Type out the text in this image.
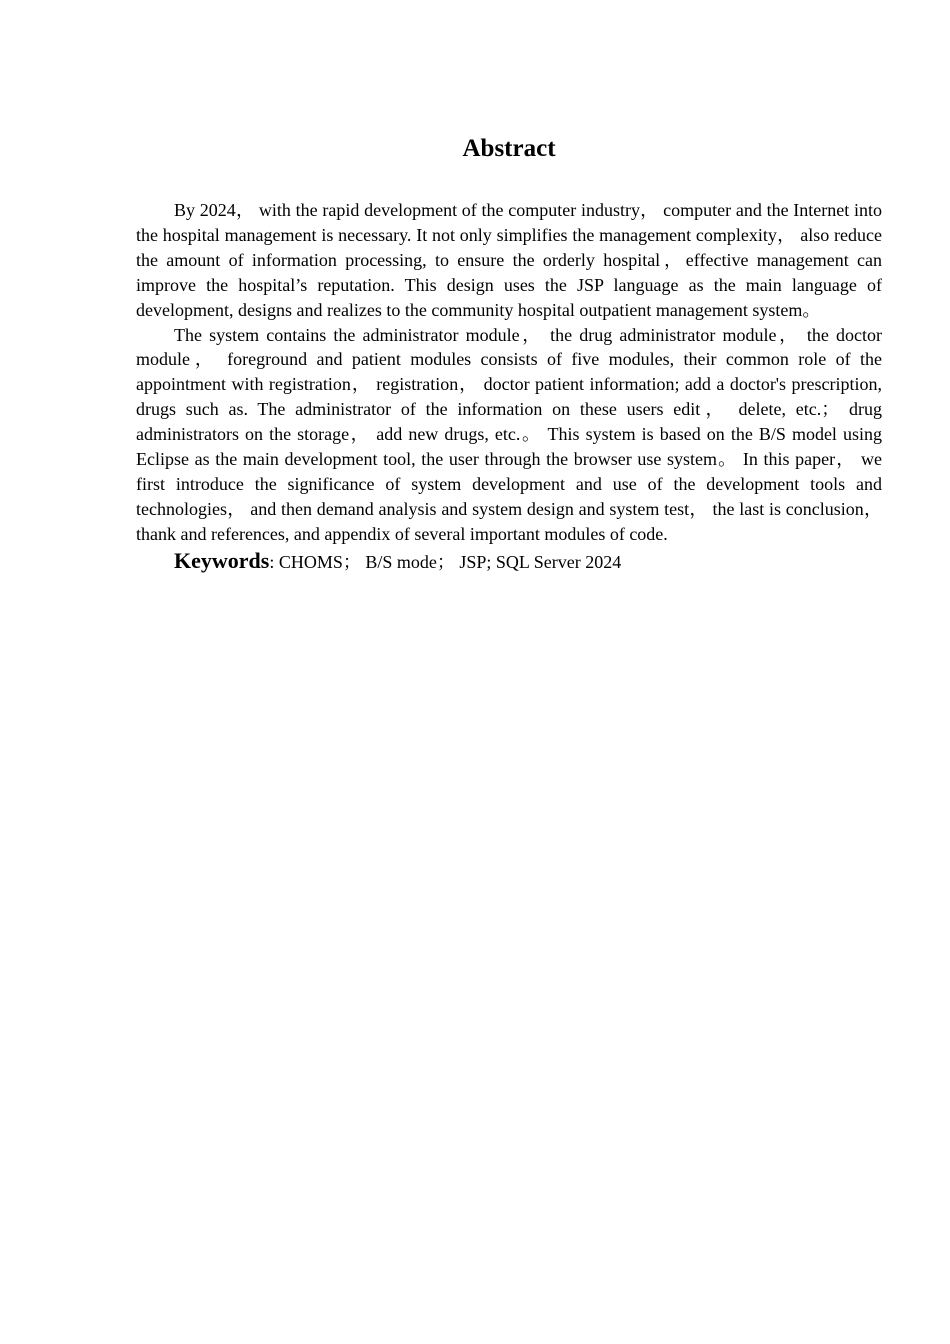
Abstract

By 2024， with the rapid development of the computer industry， computer and the Internet into the hospital management is necessary. It not only simplifies the management complexity， also reduce the amount of information processing, to ensure the orderly hospital，effective management can improve the hospital’s reputation. This design uses the JSP language as the main language of development, designs and realizes to the community hospital outpatient management system。

The system contains the administrator module， the drug administrator module， the doctor module， foreground and patient modules consists of five modules, their common role of the appointment with registration， registration， doctor patient information; add a doctor's prescription, drugs such as. The administrator of the information on these users edit， delete, etc.； drug administrators on the storage， add new drugs, etc.。 This system is based on the B/S model using Eclipse as the main development tool, the user through the browser use system。 In this paper， we first introduce the significance of system development and use of the development tools and technologies， and then demand analysis and system design and system test， the last is conclusion， thank and references, and appendix of several important modules of code.

Keywords: CHOMS； B/S mode； JSP; SQL Server 2024
